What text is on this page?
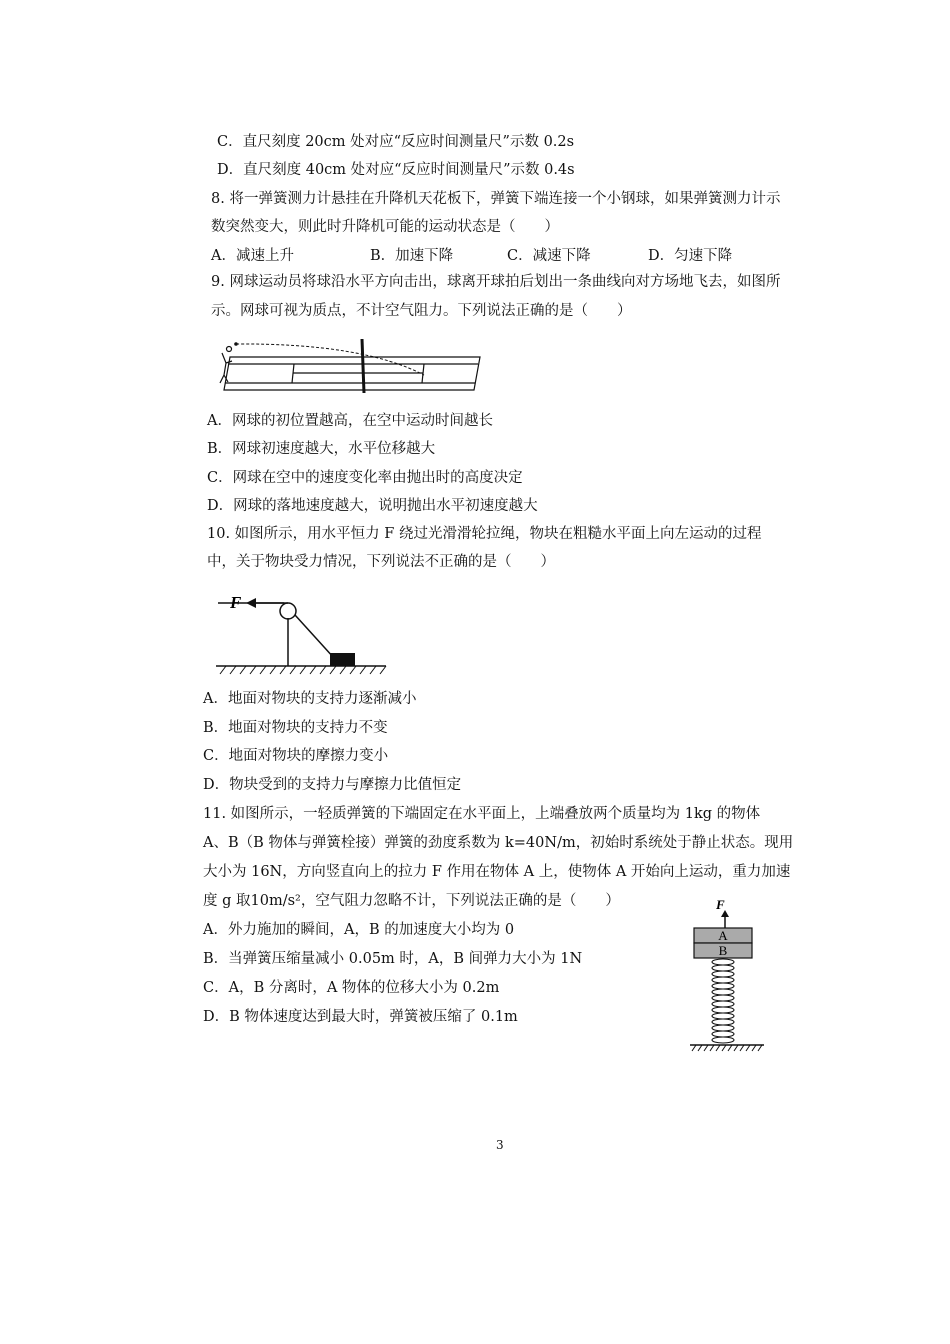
C．直尺刻度 20cm 处对应“反应时间测量尺”示数 0.2s
D．直尺刻度 40cm 处对应“反应时间测量尺”示数 0.4s
8. 将一弹簧测力计悬挂在升降机天花板下，弹簧下端连接一个小钢球，如果弹簧测力计示
数突然变大，则此时升降机可能的运动状态是（　　）
A．减速上升	B．加速下降	C．减速下降	D．匀速下降
9. 网球运动员将球沿水平方向击出，球离开球拍后划出一条曲线向对方场地飞去，如图所
示。网球可视为质点，不计空气阻力。下列说法正确的是（　　）
A．网球的初位置越高，在空中运动时间越长
B．网球初速度越大，水平位移越大
C．网球在空中的速度变化率由抛出时的高度决定
D．网球的落地速度越大，说明抛出水平初速度越大
10. 如图所示，用水平恒力 F 绕过光滑滑轮拉绳，物块在粗糙水平面上向左运动的过程
中，关于物块受力情况，下列说法不正确的是（　　）
F
A．地面对物块的支持力逐渐减小
B．地面对物块的支持力不变
C．地面对物块的摩擦力变小
D．物块受到的支持力与摩擦力比值恒定
11. 如图所示，一轻质弹簧的下端固定在水平面上，上端叠放两个质量均为 1kg 的物体
A、B（B 物体与弹簧栓接）弹簧的劲度系数为 k=40N/m，初始时系统处于静止状态。现用
大小为 16N，方向竖直向上的拉力 F 作用在物体 A 上，使物体 A 开始向上运动，重力加速
度 g 取10m/s²，空气阻力忽略不计，下列说法正确的是（　　）
A．外力施加的瞬间，A，B 的加速度大小均为 0
B．当弹簧压缩量减小 0.05m 时，A，B 间弹力大小为 1N
C．A，B 分离时，A 物体的位移大小为 0.2m
D．B 物体速度达到最大时，弹簧被压缩了 0.1m
F
A
B
3
